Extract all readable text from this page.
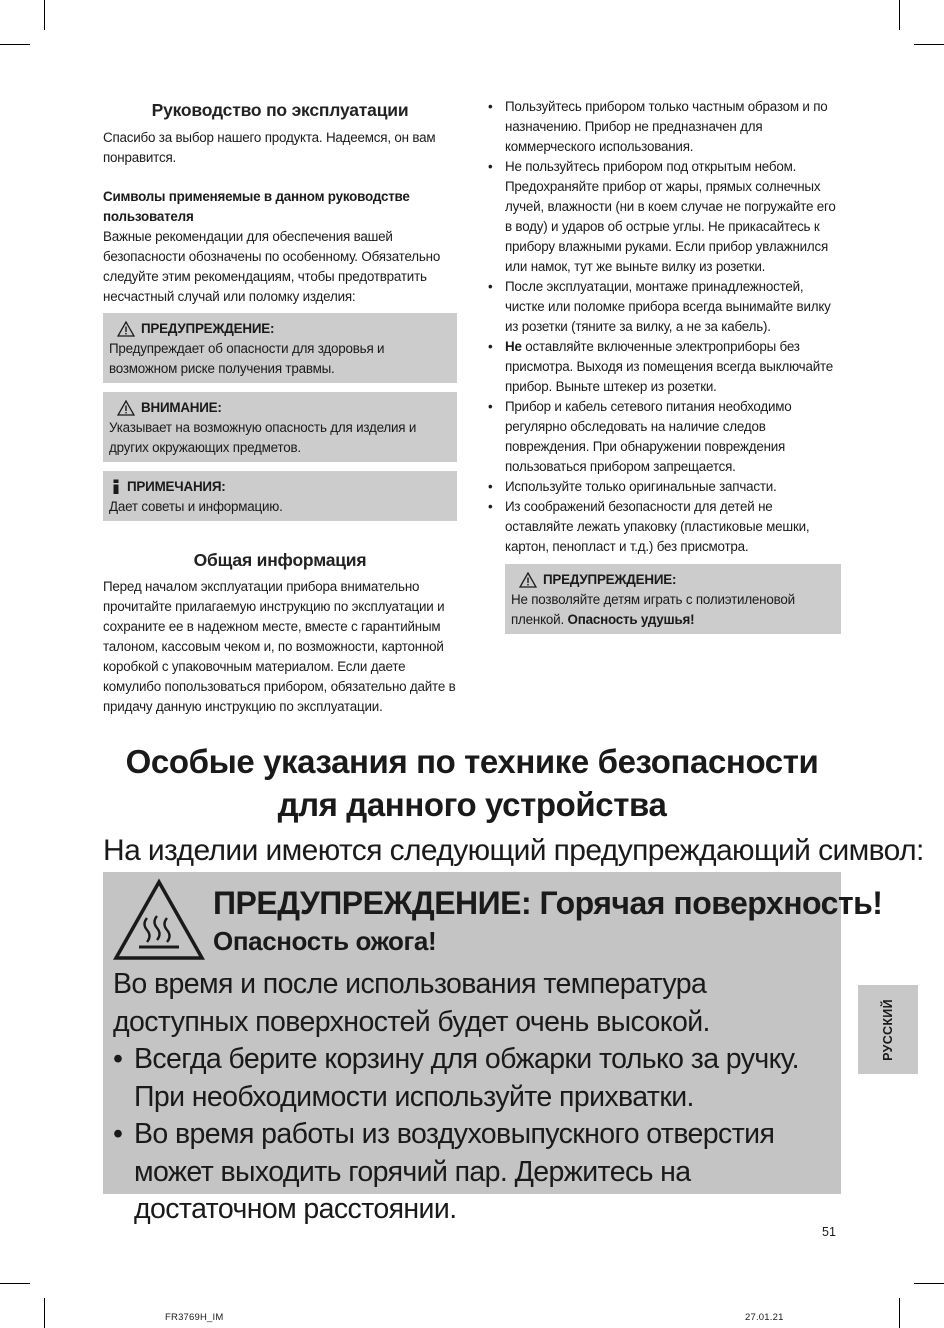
Руководство по эксплуатации
Спасибо за выбор нашего продукта. Надеемся, он вам понравится.
Символы применяемые в данном руководстве пользователя
Важные рекомендации для обеспечения вашей безопасности обозначены по особенному. Обязательно следуйте этим рекомендациям, чтобы предотвратить несчастный случай или поломку изделия:
ПРЕДУПРЕЖДЕНИЕ:
Предупреждает об опасности для здоровья и возможном риске получения травмы.
ВНИМАНИЕ:
Указывает на возможную опасность для изделия и других окружающих предметов.
ПРИМЕЧАНИЯ:
Дает советы и информацию.
Общая информация
Перед началом эксплуатации прибора внимательно прочитайте прилагаемую инструкцию по эксплуатации и сохраните ее в надежном месте, вместе с гарантийным талоном, кассовым чеком и, по возможности, картонной коробкой с упаковочным материалом. Если даете комулибо попользоваться прибором, обязательно дайте в придачу данную инструкцию по эксплуатации.
• Пользуйтесь прибором только частным образом и по назначению. Прибор не предназначен для коммерческого использования.
• Не пользуйтесь прибором под открытым небом. Предохраняйте прибор от жары, прямых солнечных лучей, влажности (ни в коем случае не погружайте его в воду) и ударов об острые углы. Не прикасайтесь к прибору влажными руками. Если прибор увлажнился или намок, тут же выньте вилку из розетки.
• После эксплуатации, монтаже принадлежностей, чистке или поломке прибора всегда вынимайте вилку из розетки (тяните за вилку, а не за кабель).
• Не оставляйте включенные электроприборы без присмотра. Выходя из помещения всегда выключайте прибор. Выньте штекер из розетки.
• Прибор и кабель сетевого питания необходимо регулярно обследовать на наличие следов повреждения. При обнаружении повреждения пользоваться прибором запрещается.
• Используйте только оригинальные запчасти.
• Из соображений безопасности для детей не оставляйте лежать упаковку (пластиковые мешки, картон, пенопласт и т.д.) без присмотра.
ПРЕДУПРЕЖДЕНИЕ:
Не позволяйте детям играть с полиэтиленовой пленкой. Опасность удушья!
Особые указания по технике безопасности
для данного устройства
На изделии имеются следующий предупреждающий символ:
ПРЕДУПРЕЖДЕНИЕ: Горячая поверхность!
Опасность ожога!
Во время и после использования температура доступных поверхностей будет очень высокой.
• Всегда берите корзину для обжарки только за ручку. При необходимости используйте прихватки.
• Во время работы из воздуховыпускного отверстия может выходить горячий пар. Держитесь на достаточном расстоянии.
РУССКИЙ
51
FR3769H_IM	27.01.21
